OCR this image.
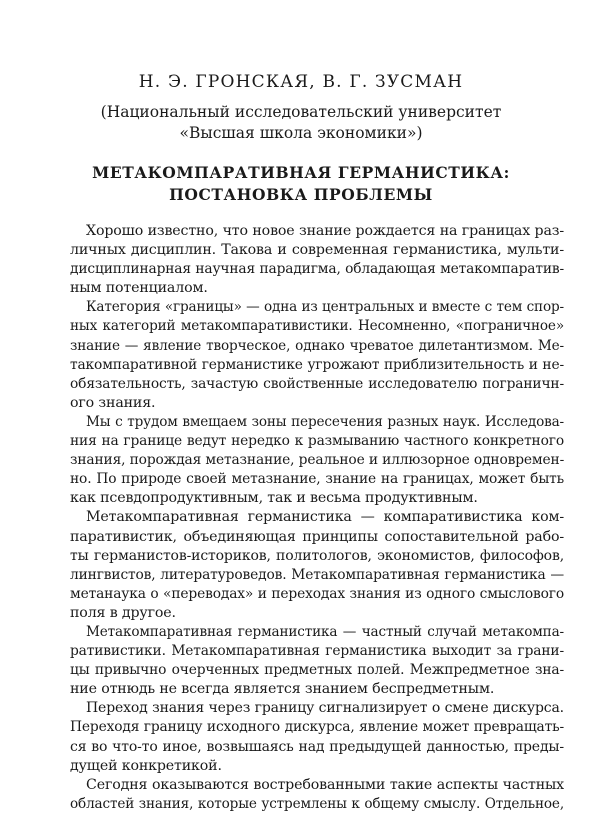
Н. Э. ГРОНСКАЯ, В. Г. ЗУСМАН
(Национальный исследовательский университет
«Высшая школа экономики»)
МЕТАКОМПАРАТИВНАЯ ГЕРМАНИСТИКА:
ПОСТАНОВКА ПРОБЛЕМЫ
Хорошо известно, что новое знание рождается на границах раз-
личных дисциплин. Такова и современная германистика, мульти-
дисциплинарная научная парадигма, обладающая метакомпаратив-
ным потенциалом.
Категория «границы» — одна из центральных и вместе с тем спор-
ных категорий метакомпаративистики. Несомненно, «пограничное»
знание — явление творческое, однако чреватое дилетантизмом. Ме-
такомпаративной германистике угрожают приблизительность и не-
обязательность, зачастую свойственные исследователю пограничн-
ого знания.
Мы с трудом вмещаем зоны пересечения разных наук. Исследова-
ния на границе ведут нередко к размыванию частного конкретного
знания, порождая метазнание, реальное и иллюзорное одновремен-
но. По природе своей метазнание, знание на границах, может быть
как псевдопродуктивным, так и весьма продуктивным.
Метакомпаративная германистика — компаративистика ком-
паративистик, объединяющая принципы сопоставительной рабо-
ты германистов-историков, политологов, экономистов, философов,
лингвистов, литературоведов. Метакомпаративная германистика —
метанаука о «переводах» и переходах знания из одного смыслового
поля в другое.
Метакомпаративная германистика — частный случай метакомпа-
ративистики. Метакомпаративная германистика выходит за грани-
цы привычно очерченных предметных полей. Межпредметное зна-
ние отнюдь не всегда является знанием беспредметным.
Переход знания через границу сигнализирует о смене дискурса.
Переходя границу исходного дискурса, явление может превращать-
ся во что-то иное, возвышаясь над предыдущей данностью, преды-
дущей конкретикой.
Сегодня оказываются востребованными такие аспекты частных
областей знания, которые устремлены к общему смыслу. Отдельное,
